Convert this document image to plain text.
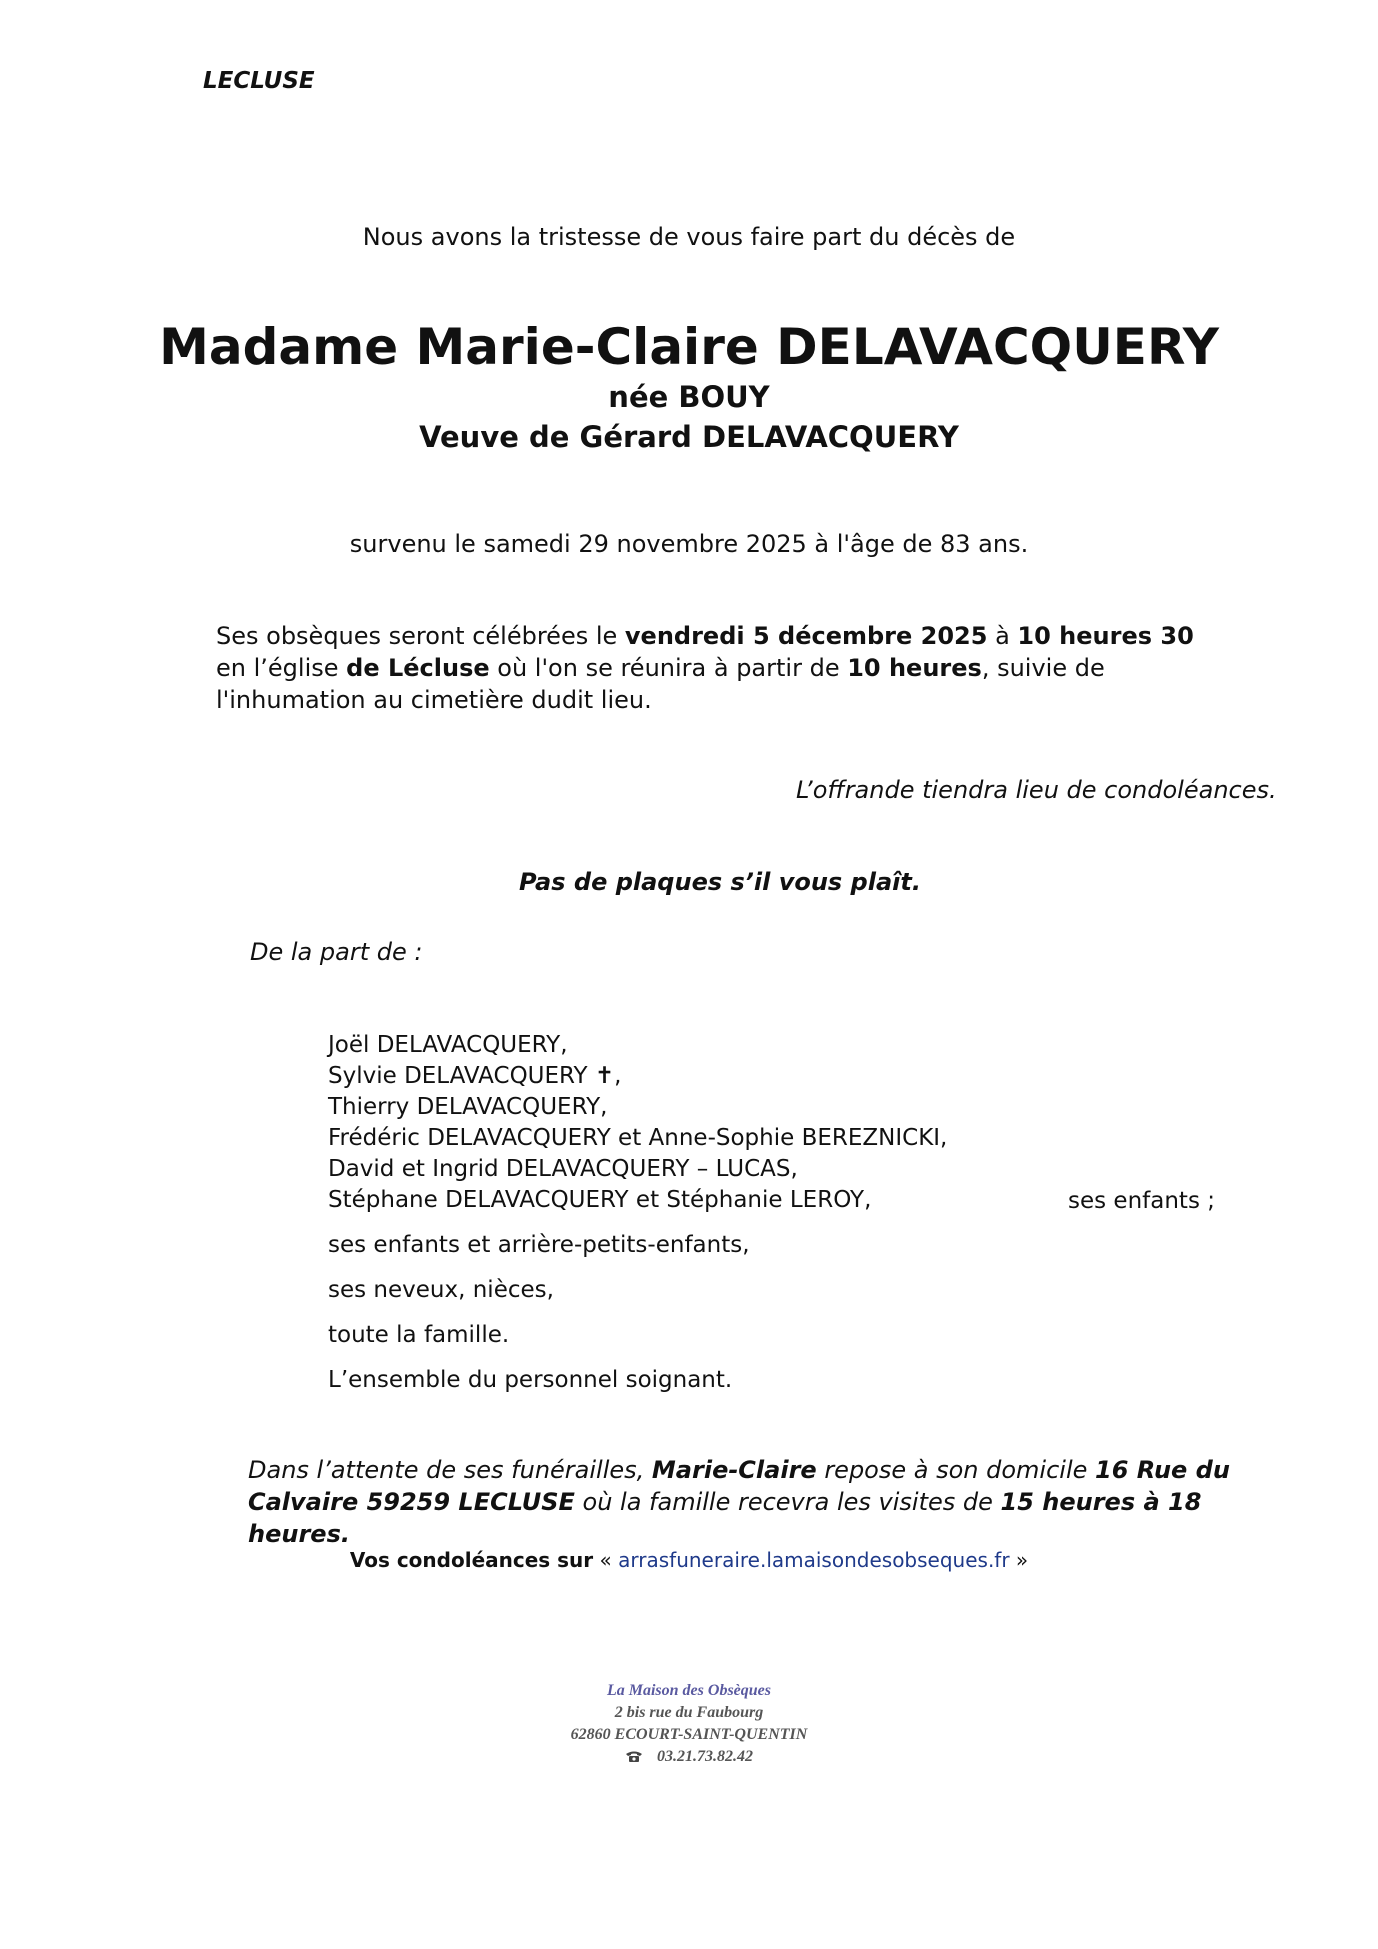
LECLUSE
Nous avons la tristesse de vous faire part du décès de
Madame Marie-Claire DELAVACQUERY
née BOUY
Veuve de Gérard DELAVACQUERY
survenu le samedi 29 novembre 2025 à l'âge de 83 ans.
Ses obsèques seront célébrées le vendredi 5 décembre 2025 à 10 heures 30 en l’église de Lécluse où l'on se réunira à partir de 10 heures, suivie de l'inhumation au cimetière dudit lieu.
L’offrande tiendra lieu de condoléances.
Pas de plaques s’il vous plaît.
De la part de :
Joël DELAVACQUERY,
Sylvie DELAVACQUERY ✝,
Thierry DELAVACQUERY,
Frédéric DELAVACQUERY et Anne-Sophie BEREZNICKI,
David et Ingrid DELAVACQUERY – LUCAS,
Stéphane DELAVACQUERY et Stéphanie LEROY,	ses enfants ;
ses enfants et arrière-petits-enfants,
ses neveux, nièces,
toute la famille.
L’ensemble du personnel soignant.
Dans l’attente de ses funérailles, Marie-Claire repose à son domicile 16 Rue du Calvaire 59259 LECLUSE où la famille recevra les visites de 15 heures à 18 heures.
Vos condoléances sur « arrasfuneraire.lamaisondesobseques.fr »
La Maison des Obsèques
2 bis rue du Faubourg
62860 ECOURT-SAINT-QUENTIN
03.21.73.82.42
